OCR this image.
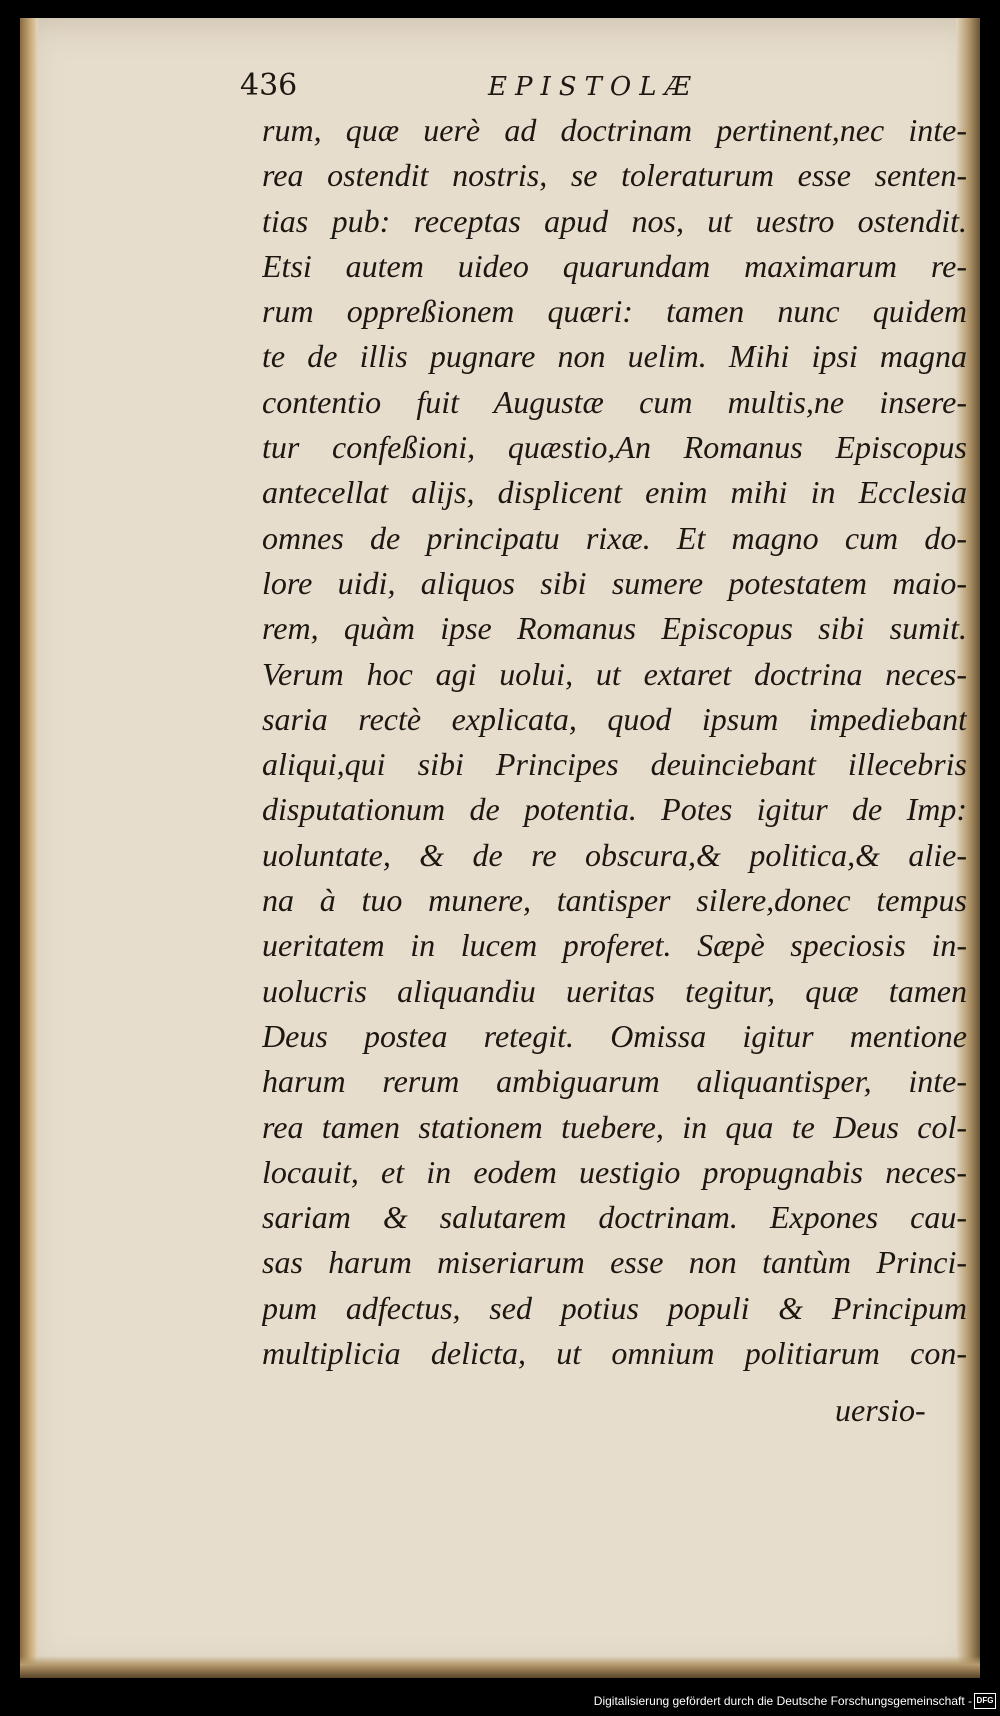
436	EPISTOLÆ
rum, quæ uerè ad doctrinam pertinent,nec inte-
rea ostendit nostris, se toleraturum esse senten-
tias pub: receptas apud nos, ut uestro ostendit.
Etsi autem uideo quarundam maximarum re-
rum oppreßionem quæri: tamen nunc quidem
te de illis pugnare non uelim. Mihi ipsi magna
contentio fuit Augustæ cum multis,ne insere-
tur confeßioni, quæstio,An Romanus Episcopus
antecellat alijs, displicent enim mihi in Ecclesia
omnes de principatu rixæ. Et magno cum do-
lore uidi, aliquos sibi sumere potestatem maio-
rem, quàm ipse Romanus Episcopus sibi sumit.
Verum hoc agi uolui, ut extaret doctrina neces-
saria rectè explicata, quod ipsum impediebant
aliqui,qui sibi Principes deuinciebant illecebris
disputationum de potentia. Potes igitur de Imp:
uoluntate, & de re obscura,& politica,& alie-
na à tuo munere, tantisper silere,donec tempus
ueritatem in lucem proferet. Sæpè speciosis in-
uolucris aliquandiu ueritas tegitur, quæ tamen
Deus postea retegit. Omissa igitur mentione
harum rerum ambiguarum aliquantisper, inte-
rea tamen stationem tuebere, in qua te Deus col-
locauit, et in eodem uestigio propugnabis neces-
sariam & salutarem doctrinam. Expones cau-
sas harum miseriarum esse non tantùm Princi-
pum adfectus, sed potius populi & Principum
multiplicia delicta, ut omnium politiarum con-
uersio-
Digitalisierung gefördert durch die Deutsche Forschungsgemeinschaft - DFG
